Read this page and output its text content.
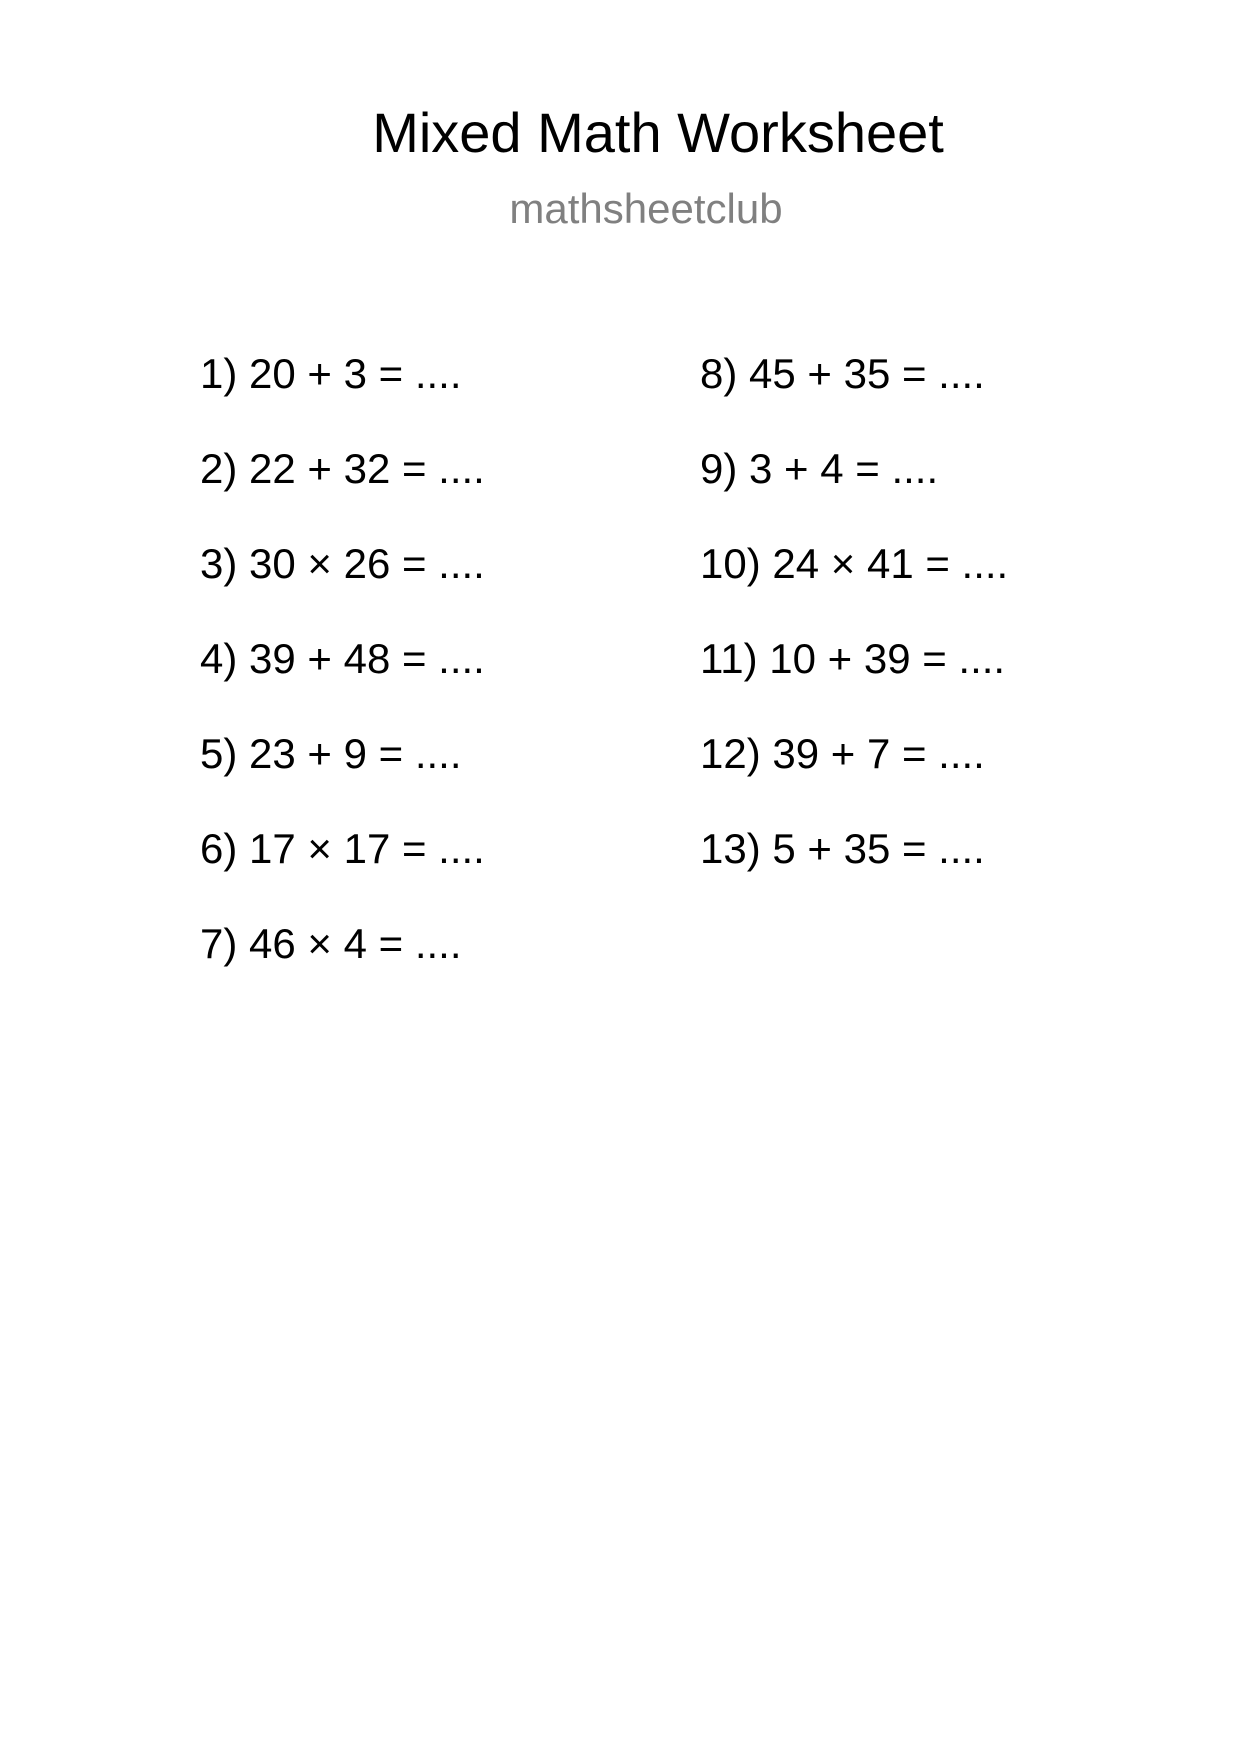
Mixed Math Worksheet
mathsheetclub
1) 20 + 3 = ....
2) 22 + 32 = ....
3) 30 × 26 = ....
4) 39 + 48 = ....
5) 23 + 9 = ....
6) 17 × 17 = ....
7) 46 × 4 = ....
8) 45 + 35 = ....
9) 3 + 4 = ....
10) 24 × 41 = ....
11) 10 + 39 = ....
12) 39 + 7 = ....
13) 5 + 35 = ....
